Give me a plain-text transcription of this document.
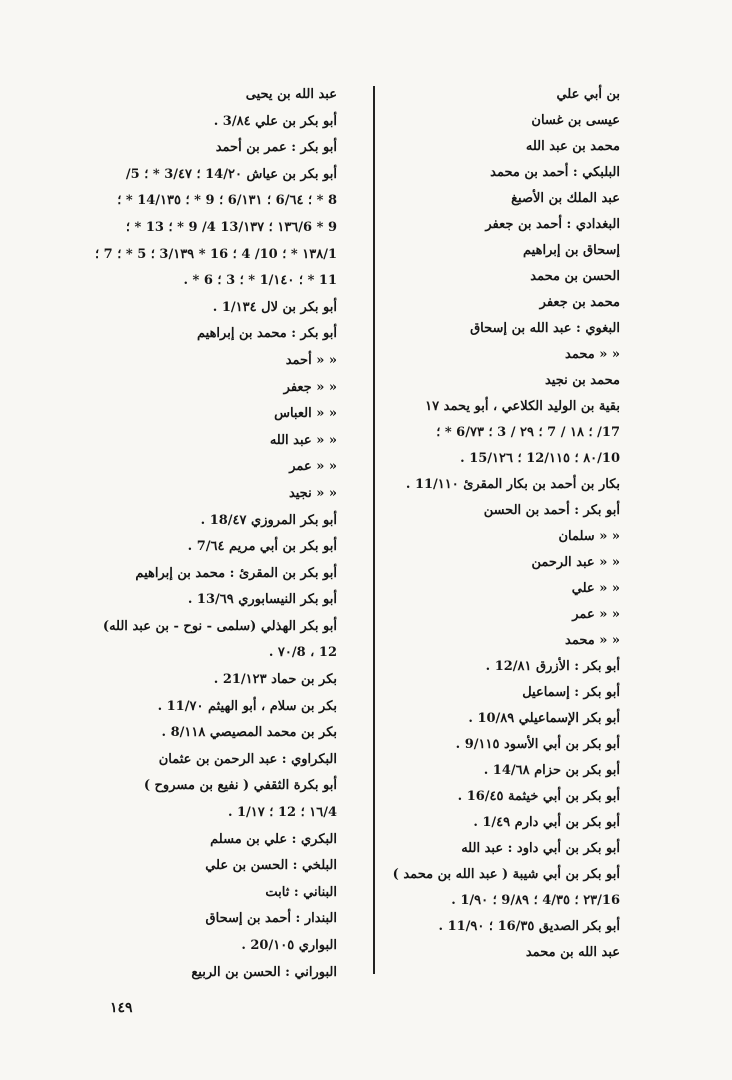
بن أبي علي
عيسى بن غسان
محمد بن عبد الله
البلبكي : أحمد بن محمد
عبد الملك بن الأصبغ
البغدادي : أحمد بن جعفر
إسحاق بن إبراهيم
الحسن بن محمد
محمد بن جعفر
البغوي : عبد الله بن إسحاق
« « محمد
محمد بن نجيد
بقية بن الوليد الكلاعي ، أبو يحمد ١٧
17/ ؛ ١٨ / 7 ؛ ٢٩ / 3 ؛ 6/٧٣ * ؛
10/٨٠ ؛ 12/١١٥ ؛ 15/١٢٦ .
بكار بن أحمد بن بكار المقرئ 11/١١٠ .
أبو بكر : أحمد بن الحسن
« « سلمان
« « عبد الرحمن
« « علي
« « عمر
« « محمد
أبو بكر : الأزرق 12/٨١ .
أبو بكر : إسماعيل
أبو بكر الإسماعيلي 10/٨٩ .
أبو بكر بن أبي الأسود 9/١١٥ .
أبو بكر بن حزام 14/٦٨ .
أبو بكر بن أبي خيثمة 16/٤٥ .
أبو بكر بن أبي دارم 1/٤٩ .
أبو بكر بن أبي داود : عبد الله
أبو بكر بن أبي شيبة ( عبد الله بن محمد )
16/٢٣ ؛ 4/٣٥ ؛ 9/٨٩ ؛ 1/٩٠ .
أبو بكر الصديق 16/٣٥ ؛ 11/٩٠ .
عبد الله بن محمد
عبد الله بن يحيى
أبو بكر بن علي 3/٨٤ .
أبو بكر : عمر بن أحمد
أبو بكر بن عياش 14/٢٠ ؛ 3/٤٧ * ؛ 5/
8 * ؛ 6/٦٤ ؛ 6/١٣١ ؛ 9 * ؛ 14/١٣٥ * ؛
9 * 6/١٣٦ ؛ 13/١٣٧ 4/ 9 * ؛ 13 * ؛
1/١٣٨ * ؛ 10/ 4 ؛ 16 * 3/١٣٩ ؛ 5 * ؛ 7 ؛
11 * ؛ 1/١٤٠ * ؛ 3 ؛ 6 * .
أبو بكر بن لال 1/١٣٤ .
أبو بكر : محمد بن إبراهيم
« « أحمد
« « جعفر
« « العباس
« « عبد الله
« « عمر
« « نجيد
أبو بكر المروزي 18/٤٧ .
أبو بكر بن أبي مريم 7/٦٤ .
أبو بكر بن المقرئ : محمد بن إبراهيم
أبو بكر النيسابوري 13/٦٩ .
أبو بكر الهذلي (سلمى - نوح - بن عبد الله)
12 ، 8/٧٠ .
بكر بن حماد 21/١٢٣ .
بكر بن سلام ، أبو الهيثم 11/٧٠ .
بكر بن محمد المصيصي 8/١١٨ .
البكراوي : عبد الرحمن بن عثمان
أبو بكرة الثقفي ( نفيع بن مسروح )
4/١٦ ؛ 12 ؛ 1/١٧ .
البكري : علي بن مسلم
البلخي : الحسن بن علي
البناني : ثابت
البندار : أحمد بن إسحاق
البواري 20/١٠٥ .
البوراني : الحسن بن الربيع
١٤٩
